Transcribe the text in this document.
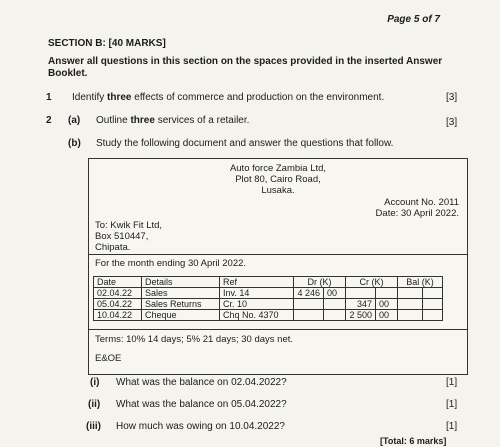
Page 5 of 7
SECTION B: [40 MARKS]
Answer all questions in this section on the spaces provided in the inserted Answer Booklet.
1 Identify three effects of commerce and production on the environment.	[3]
2 (a) Outline three services of a retailer.	[3]
(b) Study the following document and answer the questions that follow.
Auto force Zambia Ltd,
Plot 80, Cairo Road,
Lusaka.
Account No. 2011
Date: 30 April 2022.
To: Kwik Fit Ltd,
Box 510447,
Chipata.
For the month ending 30 April 2022.
Date	Details	Ref	Dr (K)		Cr (K)		Bal (K)	
02.04.22	Sales	Inv. 14	4 246	00				
05.04.22	Sales Returns	Cr. 10			347	00		
10.04.22	Cheque	Chq No. 4370			2 500	00		
Terms: 10% 14 days; 5% 21 days; 30 days net.
E&OE
(i) What was the balance on 02.04.2022?	[1]
(ii) What was the balance on 05.04.2022?	[1]
(iii) How much was owing on 10.04.2022?	[1]
[Total: 6 marks]
